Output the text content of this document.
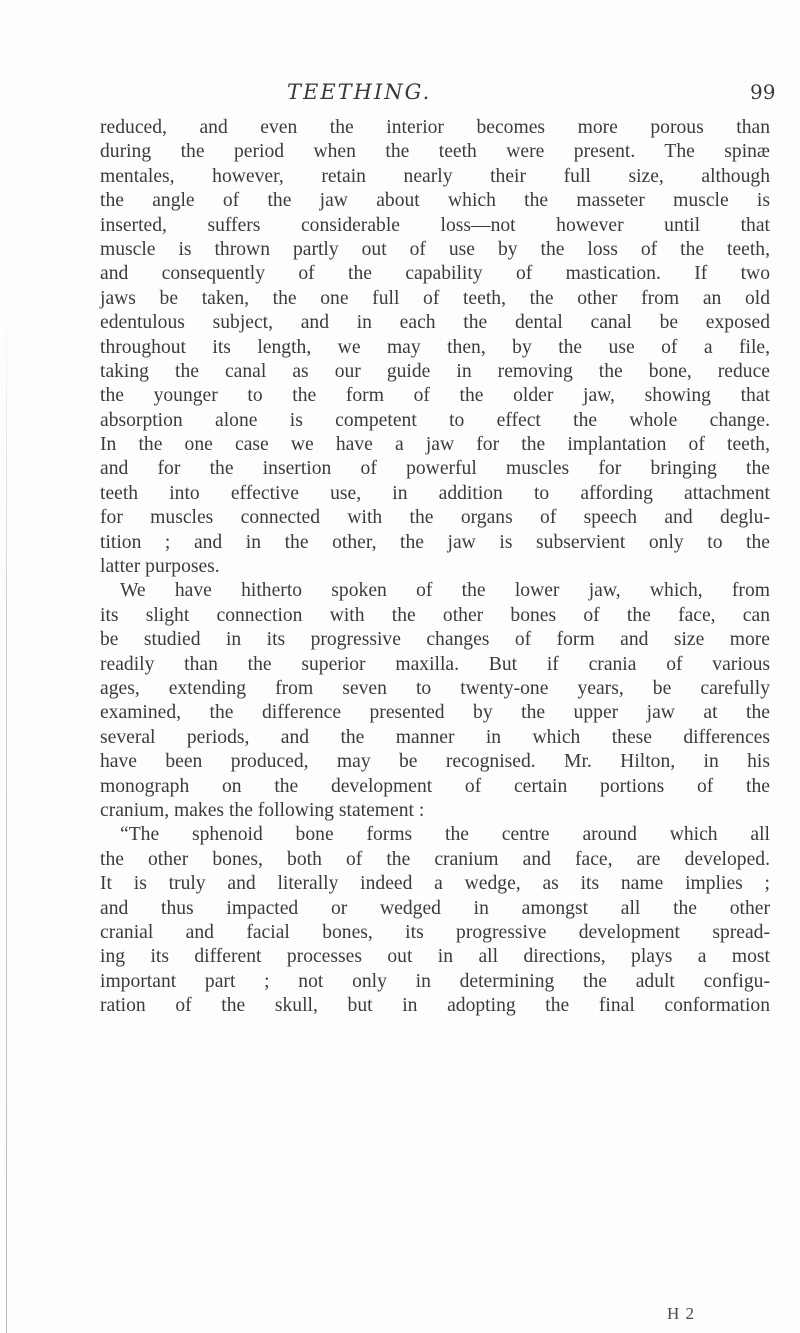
TEETHING.	99
reduced, and even the interior becomes more porous than
during the period when the teeth were present. The spinæ
mentales, however, retain nearly their full size, although
the angle of the jaw about which the masseter muscle is
inserted, suffers considerable loss—not however until that
muscle is thrown partly out of use by the loss of the teeth,
and consequently of the capability of mastication. If two
jaws be taken, the one full of teeth, the other from an old
edentulous subject, and in each the dental canal be exposed
throughout its length, we may then, by the use of a file,
taking the canal as our guide in removing the bone, reduce
the younger to the form of the older jaw, showing that
absorption alone is competent to effect the whole change.
In the one case we have a jaw for the implantation of teeth,
and for the insertion of powerful muscles for bringing the
teeth into effective use, in addition to affording attachment
for muscles connected with the organs of speech and deglu-
tition ; and in the other, the jaw is subservient only to the
latter purposes.
We have hitherto spoken of the lower jaw, which, from
its slight connection with the other bones of the face, can
be studied in its progressive changes of form and size more
readily than the superior maxilla. But if crania of various
ages, extending from seven to twenty-one years, be carefully
examined, the difference presented by the upper jaw at the
several periods, and the manner in which these differences
have been produced, may be recognised. Mr. Hilton, in his
monograph on the development of certain portions of the
cranium, makes the following statement :
“The sphenoid bone forms the centre around which all
the other bones, both of the cranium and face, are developed.
It is truly and literally indeed a wedge, as its name implies ;
and thus impacted or wedged in amongst all the other
cranial and facial bones, its progressive development spread-
ing its different processes out in all directions, plays a most
important part ; not only in determining the adult configu-
ration of the skull, but in adopting the final conformation
H 2
